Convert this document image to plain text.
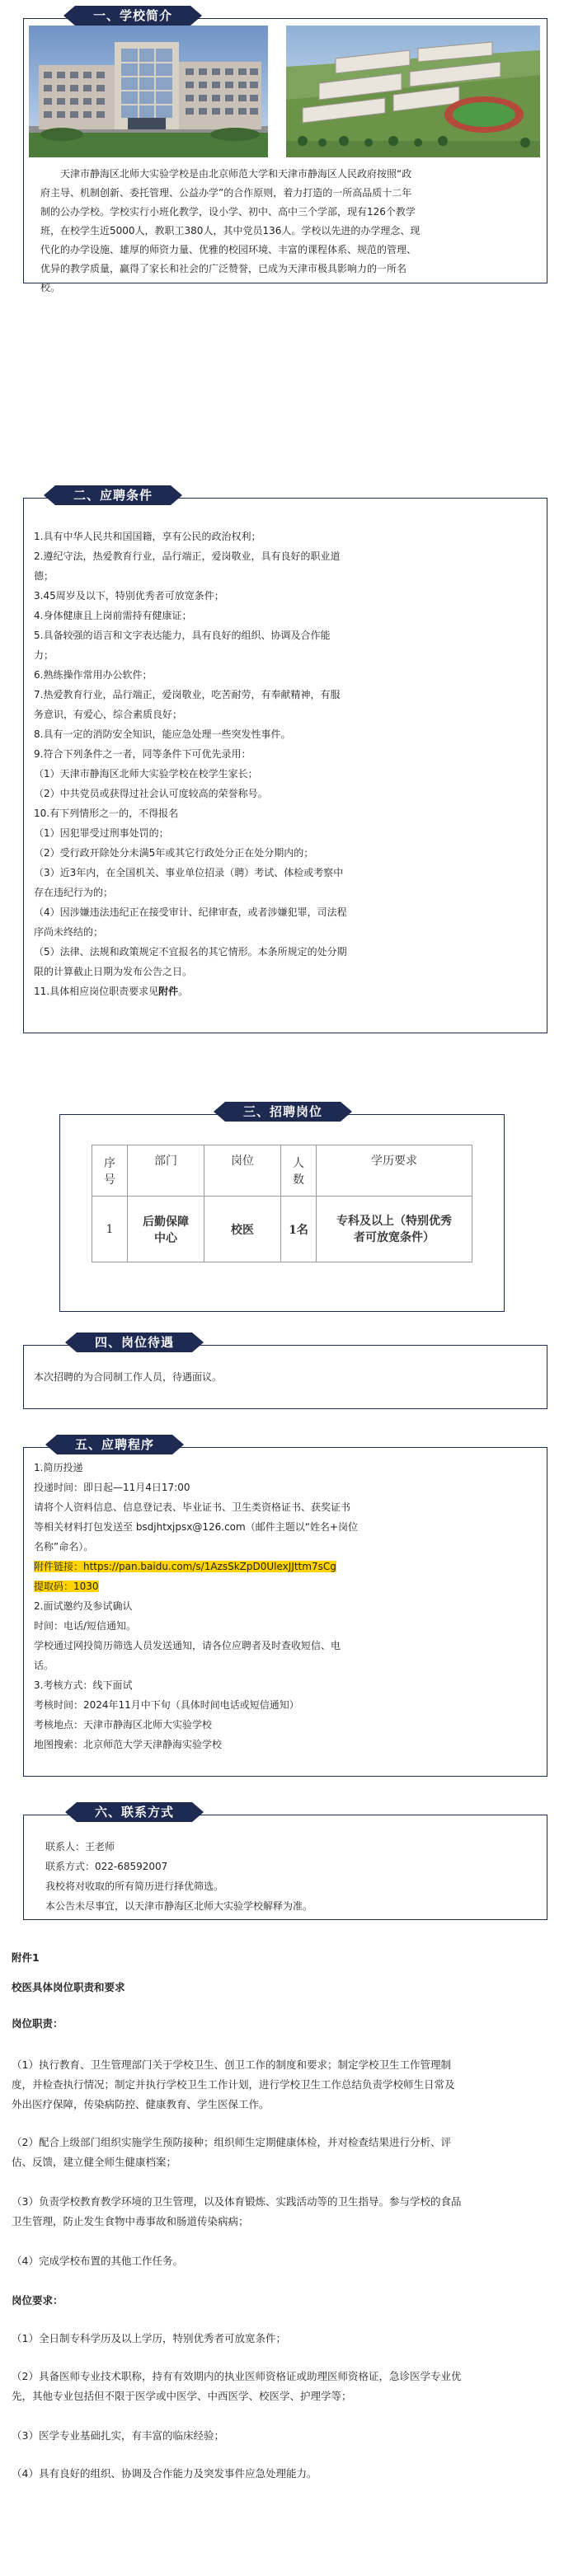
一、学校简介
天津市静海区北师大实验学校是由北京师范大学和天津市静海区人民政府按照“政
府主导、机制创新、委托管理、公益办学”的合作原则，着力打造的一所高品质十二年
制的公办学校。学校实行小班化教学，设小学、初中、高中三个学部，现有126个教学
班，在校学生近5000人，教职工380人，其中党员136人。学校以先进的办学理念、现
代化的办学设施、雄厚的师资力量、优雅的校园环境、丰富的课程体系、规范的管理、
优异的教学质量，赢得了家长和社会的广泛赞誉，已成为天津市极具影响力的一所名
校。
二、应聘条件
1.具有中华人民共和国国籍，享有公民的政治权利；
2.遵纪守法，热爱教育行业，品行端正，爱岗敬业，具有良好的职业道
德；
3.45周岁及以下，特别优秀者可放宽条件；
4.身体健康且上岗前需持有健康证；
5.具备较强的语言和文字表达能力，具有良好的组织、协调及合作能
力；
6.熟练操作常用办公软件；
7.热爱教育行业，品行端正，爱岗敬业，吃苦耐劳，有奉献精神，有服
务意识，有爱心，综合素质良好；
8.具有一定的消防安全知识，能应急处理一些突发性事件。
9.符合下列条件之一者，同等条件下可优先录用：
（1）天津市静海区北师大实验学校在校学生家长；
（2）中共党员或获得过社会认可度较高的荣誉称号。
10.有下列情形之一的，不得报名
（1）因犯罪受过刑事处罚的；
（2）受行政开除处分未满5年或其它行政处分正在处分期内的；
（3）近3年内，在全国机关、事业单位招录（聘）考试、体检或考察中
存在违纪行为的；
（4）因涉嫌违法违纪正在接受审计、纪律审查，或者涉嫌犯罪，司法程
序尚未终结的；
（5）法律、法规和政策规定不宜报名的其它情形。本条所规定的处分期
限的计算截止日期为发布公告之日。
11.具体相应岗位职责要求见附件。
三、招聘岗位
序号	部门	岗位	人数	学历要求
1	后勤保障中心	校医	1名	专科及以上（特别优秀者可放宽条件）
四、岗位待遇
本次招聘的为合同制工作人员，待遇面议。
五、应聘程序
1.简历投递
投递时间：即日起—11月4日17:00
请将个人资料信息、信息登记表、毕业证书、卫生类资格证书、获奖证书
等相关材料打包发送至 bsdjhtxjpsx@126.com（邮件主题以“姓名+岗位
名称”命名）。
附件链接：https://pan.baidu.com/s/1AzsSkZpD0UlexJJttm7sCg
提取码：1030
2.面试邀约及参试确认
时间：电话/短信通知。
学校通过网投简历筛选人员发送通知，请各位应聘者及时查收短信、电
话。
3.考核方式：线下面试
考核时间：2024年11月中下旬（具体时间电话或短信通知）
考核地点：天津市静海区北师大实验学校
地图搜索：北京师范大学天津静海实验学校
六、联系方式
联系人：王老师
联系方式：022-68592007
我校将对收取的所有简历进行择优筛选。
本公告未尽事宜，以天津市静海区北师大实验学校解释为准。
附件1
校医具体岗位职责和要求
岗位职责：
（1）执行教育、卫生管理部门关于学校卫生、创卫工作的制度和要求；制定学校卫生工作管理制
度，并检查执行情况；制定并执行学校卫生工作计划，进行学校卫生工作总结负责学校师生日常及
外出医疗保障，传染病防控、健康教育、学生医保工作。
（2）配合上级部门组织实施学生预防接种；组织师生定期健康体检，并对检查结果进行分析、评
估、反馈，建立健全师生健康档案；
（3）负责学校教育教学环境的卫生管理，以及体育锻炼、实践活动等的卫生指导。参与学校的食品
卫生管理，防止发生食物中毒事故和肠道传染病病；
（4）完成学校布置的其他工作任务。
岗位要求：
（1）全日制专科学历及以上学历，特别优秀者可放宽条件；
（2）具备医师专业技术职称，持有有效期内的执业医师资格证或助理医师资格证，急诊医学专业优
先，其他专业包括但不限于医学或中医学、中西医学、校医学、护理学等；
（3）医学专业基础扎实，有丰富的临床经验；
（4）具有良好的组织、协调及合作能力及突发事件应急处理能力。
